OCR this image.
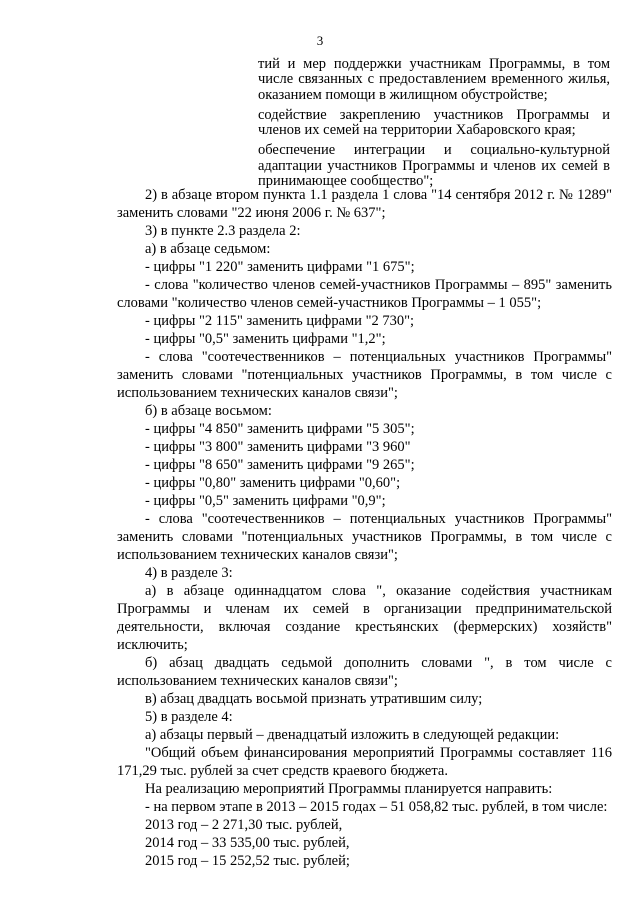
3

тий и мер поддержки участникам Программы, в том числе связанных с предоставлением временного жилья, оказанием помощи в жилищном обустройстве;

содействие закреплению участников Программы и членов их семей на территории Хабаровского края;

обеспечение интеграции и социально-культурной адаптации участников Программы и членов их семей в принимающее сообщество";

2) в абзаце втором пункта 1.1 раздела 1 слова "14 сентября 2012 г. № 1289" заменить словами "22 июня 2006 г. № 637";

3) в пункте 2.3 раздела 2:

а) в абзаце седьмом:

- цифры "1 220" заменить цифрами "1 675";

- слова "количество членов семей-участников Программы – 895" заменить словами "количество членов семей-участников Программы – 1 055";

- цифры "2 115" заменить цифрами "2 730";

- цифры "0,5" заменить цифрами "1,2";

- слова "соотечественников – потенциальных участников Программы" заменить словами "потенциальных участников Программы, в том числе с использованием технических каналов связи";

б) в абзаце восьмом:

- цифры "4 850" заменить цифрами "5 305";

- цифры "3 800" заменить цифрами "3 960"

- цифры "8 650" заменить цифрами "9 265";

- цифры "0,80" заменить цифрами "0,60";

- цифры "0,5" заменить цифрами "0,9";

- слова "соотечественников – потенциальных участников Программы" заменить словами "потенциальных участников Программы, в том числе с использованием технических каналов связи";

4) в разделе 3:

а) в абзаце одиннадцатом слова ", оказание содействия участникам Программы и членам их семей в организации предпринимательской деятельности, включая создание крестьянских (фермерских) хозяйств" исключить;

б) абзац двадцать седьмой дополнить словами ", в том числе с использованием технических каналов связи";

в) абзац двадцать восьмой признать утратившим силу;

5) в разделе 4:

а) абзацы первый – двенадцатый изложить в следующей редакции:

"Общий объем финансирования мероприятий Программы составляет 116 171,29 тыс. рублей за счет средств краевого бюджета.

На реализацию мероприятий Программы планируется направить:

- на первом этапе в 2013 – 2015 годах – 51 058,82 тыс. рублей, в том числе:

2013 год – 2 271,30 тыс. рублей,

2014 год – 33 535,00 тыс. рублей,

2015 год – 15 252,52 тыс. рублей;
